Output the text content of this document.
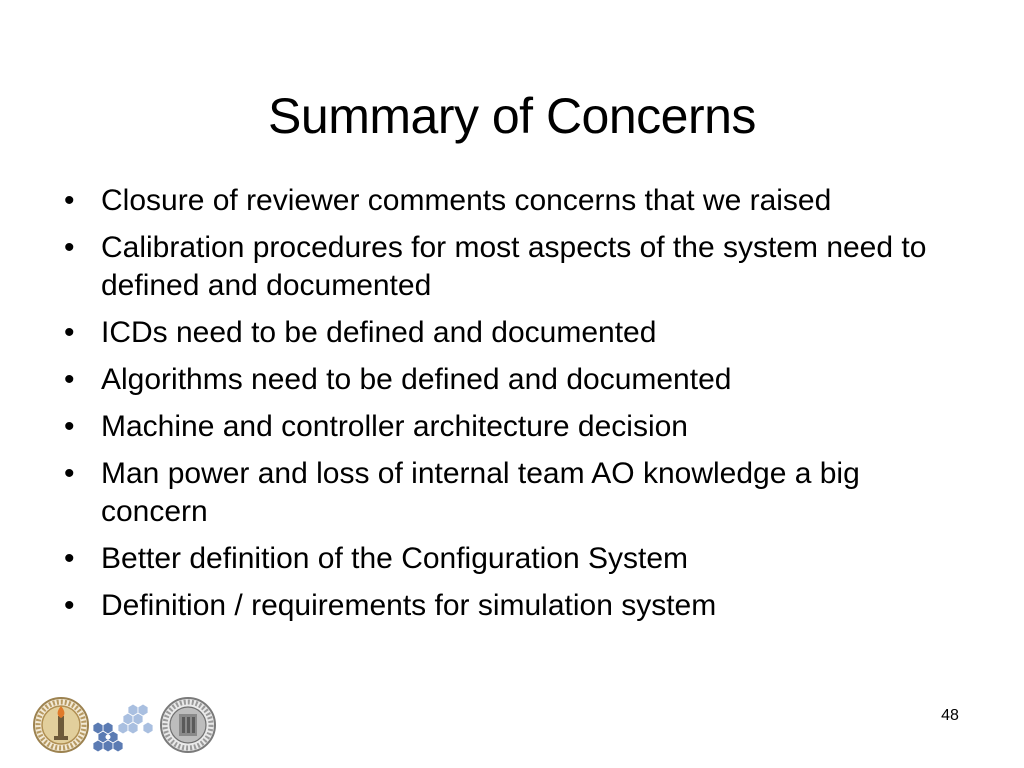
Summary of Concerns
• Closure of reviewer comments concerns that we raised
• Calibration procedures for most aspects of the system need to defined and documented
• ICDs need to be defined and documented
• Algorithms need to be defined and documented
• Machine and controller architecture decision
• Man power and loss of internal team AO knowledge a big concern
• Better definition of the Configuration System
• Definition / requirements for simulation system
48
